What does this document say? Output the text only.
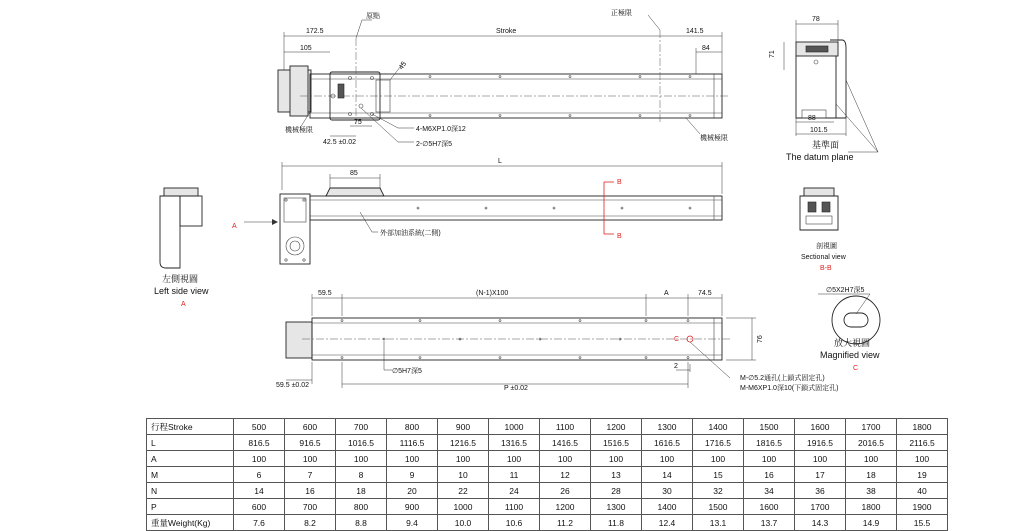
172.5
105
Stroke	141.5
84
45
75
42.5 ±0.02
原點	正極限
機械極限
機械極限
4-M6XP1.0深12
2-∅5H7深5
78
71
88
101.5
基準面
The datum plane
L
85
B
B
A
外部加油系統(二側)
左側視圖
Left side view
A
剖視圖
Sectional view
B-B
59.5	(N-1)X100	A	74.5
C	76
2
59.5 ±0.02	P ±0.02
∅5H7深5
M-∅5.2通孔(上鎖式固定孔)
M-M6XP1.0深10(下鎖式固定孔)
∅5X2H7深5
放大視圖
Magnified view
C
行程Stroke	500	600	700	800	900	1000	1100	1200	1300	1400	1500	1600	1700	1800
L	816.5	916.5	1016.5	1116.5	1216.5	1316.5	1416.5	1516.5	1616.5	1716.5	1816.5	1916.5	2016.5	2116.5
A	100	100	100	100	100	100	100	100	100	100	100	100	100	100
M	6	7	8	9	10	11	12	13	14	15	16	17	18	19
N	14	16	18	20	22	24	26	28	30	32	34	36	38	40
P	600	700	800	900	1000	1100	1200	1300	1400	1500	1600	1700	1800	1900
重量Weight(Kg)	7.6	8.2	8.8	9.4	10.0	10.6	11.2	11.8	12.4	13.1	13.7	14.3	14.9	15.5
